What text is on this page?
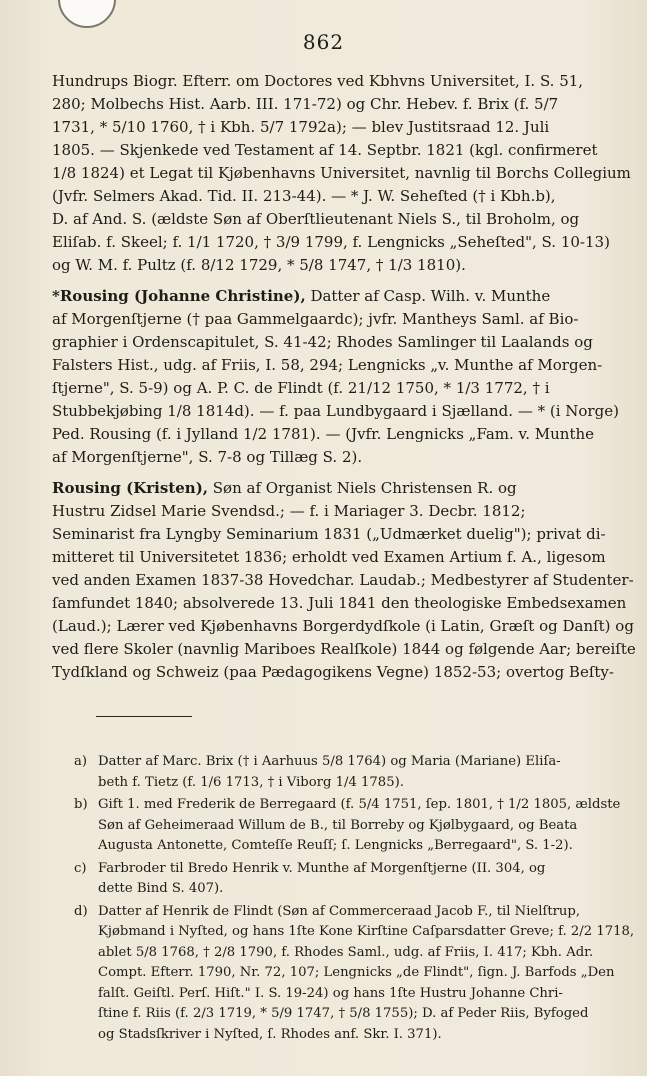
862

Hundrups Biogr. Efterr. om Doctores ved Kbhvns Universitet, I. S. 51,
280; Molbechs Hist. Aarb. III. 171-72) og Chr. Hebev. f. Brix (f. 5/7
1731, * 5/10 1760, † i Kbh. 5/7 1792a); — blev Justitsraad 12. Juli
1805. — Skjenkede ved Testament af 14. Septbr. 1821 (kgl. confirmeret
1/8 1824) et Legat til Kjøbenhavns Universitet, navnlig til Borchs Collegium
(Jvfr. Selmers Akad. Tid. II. 213-44). — * J. W. Seheſted († i Kbh.b),
D. af And. S. (ældste Søn af Oberſtlieutenant Niels S., til Broholm, og
Eliſab. f. Skeel; f. 1/1 1720, † 3/9 1799, f. Lengnicks „Seheſted", S. 10-13)
og W. M. f. Pultz (f. 8/12 1729, * 5/8 1747, † 1/3 1810).

*Rousing (Johanne Christine), Datter af Casp. Wilh. v. Munthe
af Morgenſtjerne († paa Gammelgaardc); jvfr. Mantheys Saml. af Bio-
graphier i Ordenscapitulet, S. 41-42; Rhodes Samlinger til Laalands og
Falsters Hist., udg. af Friis, I. 58, 294; Lengnicks „v. Munthe af Morgen-
ſtjerne", S. 5-9) og A. P. C. de Flindt (f. 21/12 1750, * 1/3 1772, † i
Stubbekjøbing 1/8 1814d). — f. paa Lundbygaard i Sjælland. — * (i Norge)
Ped. Rousing (f. i Jylland 1/2 1781). — (Jvfr. Lengnicks „Fam. v. Munthe
af Morgenſtjerne", S. 7-8 og Tillæg S. 2).

Rousing (Kristen), Søn af Organist Niels Christensen R. og
Hustru Zidsel Marie Svendsd.; — f. i Mariager 3. Decbr. 1812;
Seminarist fra Lyngby Seminarium 1831 („Udmærket duelig"); privat di-
mitteret til Universitetet 1836; erholdt ved Examen Artium f. A., ligesom
ved anden Examen 1837-38 Hovedchar. Laudab.; Medbestyrer af Studenter-
ſamfundet 1840; absolverede 13. Juli 1841 den theologiske Embedsexamen
(Laud.); Lærer ved Kjøbenhavns Borgerdydſkole (i Latin, Græſt og Danſt) og
ved flere Skoler (navnlig Mariboes Realſkole) 1844 og følgende Aar; bereiſte
Tydſkland og Schweiz (paa Pædagogikens Vegne) 1852-53; overtog Beſty-

a) Datter af Marc. Brix († i Aarhuus 5/8 1764) og Maria (Mariane) Eliſa-
beth f. Tietz (f. 1/6 1713, † i Viborg 1/4 1785).
b) Gift 1. med Frederik de Berregaard (f. 5/4 1751, ſep. 1801, † 1/2 1805, ældste
Søn af Geheimeraad Willum de B., til Borreby og Kjølbygaard, og Beata
Augusta Antonette, Comteſſe Reuſſ; ſ. Lengnicks „Berregaard", S. 1-2).
c) Farbroder til Bredo Henrik v. Munthe af Morgenſtjerne (II. 304, og
dette Bind S. 407).
d) Datter af Henrik de Flindt (Søn af Commerceraad Jacob F., til Nielſtrup,
Kjøbmand i Nyſted, og hans 1ſte Kone Kirſtine Caſparsdatter Greve; f. 2/2 1718,
ablet 5/8 1768, † 2/8 1790, f. Rhodes Saml., udg. af Friis, I. 417; Kbh. Adr.
Compt. Efterr. 1790, Nr. 72, 107; Lengnicks „de Flindt", ſign. J. Barfods „Den
falſt. Geiſtl. Perſ. Hiſt." I. S. 19-24) og hans 1ſte Hustru Johanne Chri-
ſtine f. Riis (f. 2/3 1719, * 5/9 1747, † 5/8 1755); D. af Peder Riis, Byfoged
og Stadsſkriver i Nyſted, ſ. Rhodes anf. Skr. I. 371).
